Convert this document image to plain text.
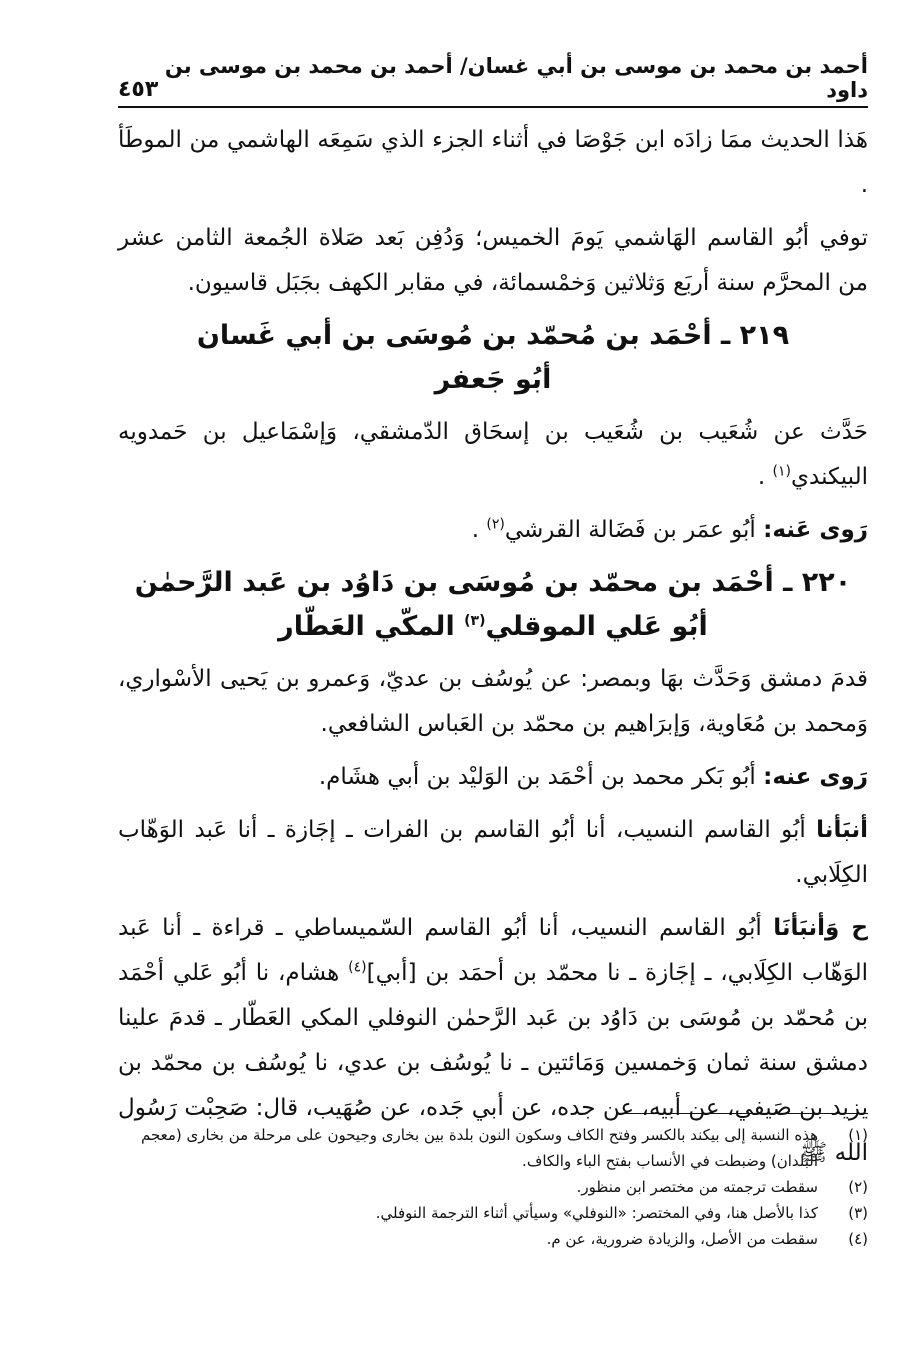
أحمد بن محمد بن موسى بن أبي غسان/ أحمد بن محمد بن موسى بن داود
٤٥٣

هَذا الحديث ممَا زادَه ابن جَوْصَا في أثناء الجزء الذي سَمِعَه الهاشمي من الموطَأ .

توفي أبُو القاسم الهَاشمي يَومَ الخميس؛ وَدُفِن بَعد صَلاة الجُمعة الثامن عشر من المحرَّم سنة أربَع وَثلاثين وَخمْسمائة، في مقابر الكهف بجَبَل قاسيون.

٢١٩ ـ أحْمَد بن مُحمّد بن مُوسَى بن أبي غَسان
أبُو جَعفر

حَدَّث عن شُعَيب بن شُعَيب بن إسحَاق الدّمشقي، وَإسْمَاعيل بن حَمدويه البيكندي$^{(١)}$ .

رَوى عَنه: أبُو عمَر بن فَضَالة القرشي$^{(٢)}$ .

٢٢٠ ـ أحْمَد بن محمّد بن مُوسَى بن دَاوُد بن عَبد الرَّحمٰن
أبُو عَلي الموقلي$^{(٣)}$ المكّي العَطّار

قدمَ دمشق وَحَدَّث بهَا وبمصر: عن يُوسُف بن عديّ، وَعمرو بن يَحيى الأسْواري، وَمحمد بن مُعَاوية، وَإبرَاهيم بن محمّد بن العَباس الشافعي.

رَوى عنه: أبُو بَكر محمد بن أحْمَد بن الوَليْد بن أبي هشَام.

أنبَأنا أبُو القاسم النسيب، أنا أبُو القاسم بن الفرات ـ إجَازة ـ أنا عَبد الوَهّاب الكِلَابي.

ح وَأنبَأنَا أبُو القاسم النسيب، أنا أبُو القاسم السّميساطي ـ قراءة ـ أنا عَبد الوَهّاب الكِلَابي، ـ إجَازة ـ نا محمّد بن أحمَد بن [أبي]$^{(٤)}$ هشام، نا أبُو عَلي أحْمَد بن مُحمّد بن مُوسَى بن دَاوُد بن عَبد الرَّحمٰن النوفلي المكي العَطّار ـ قدمَ علينا دمشق سنة ثمان وَخمسين وَمَائتين ـ نا يُوسُف بن عدي، نا يُوسُف بن محمّد بن يزيد بن صَيفي، عن أبيه، عن جده، عن أبي جَده، عن صُهَيب، قال: صَحِبْت رَسُول الله ﷺ

(١)
هذه النسبة إلى بيكند بالكسر وفتح الكاف وسكون النون بلدة بين بخارى وجيحون على مرحلة من بخارى (معجم البلدان) وضبطت في الأنساب بفتح الباء والكاف.
(٢)
سقطت ترجمته من مختصر ابن منظور.
(٣)
كذا بالأصل هنا، وفي المختصر: «النوفلي» وسيأتي أثناء الترجمة النوفلي.
(٤)
سقطت من الأصل، والزيادة ضرورية، عن م.
